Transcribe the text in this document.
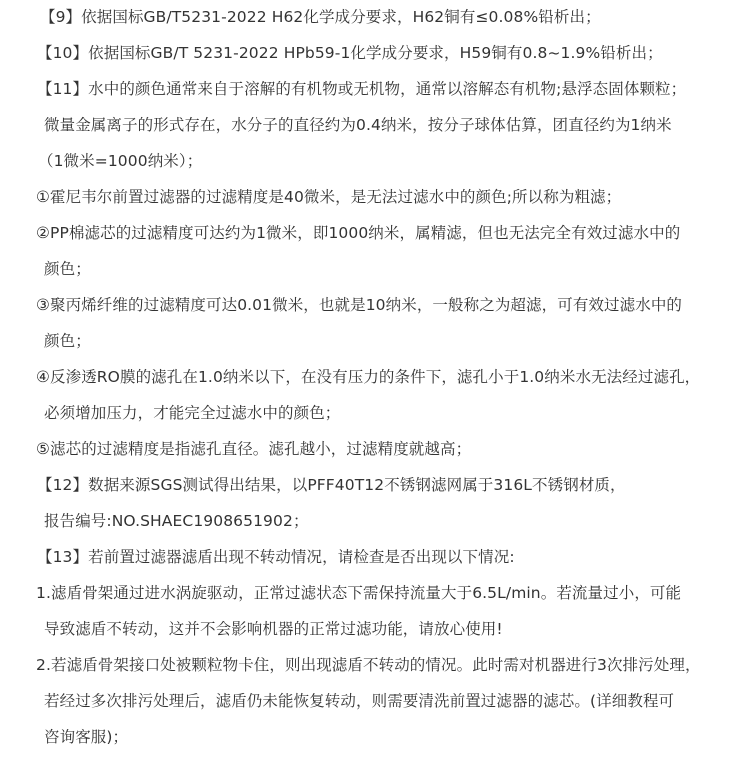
【9】依据国标GB/T5231-2022 H62化学成分要求，H62铜有≤0.08%铅析出；
【10】依据国标GB/T 5231-2022 HPb59-1化学成分要求，H59铜有0.8~1.9%铅析出；
【11】水中的颜色通常来自于溶解的有机物或无机物，通常以溶解态有机物;悬浮态固体颗粒；
微量金属离子的形式存在，水分子的直径约为0.4纳米，按分子球体估算，团直径约为1纳米
（1微米=1000纳米）；
①霍尼韦尔前置过滤器的过滤精度是40微米，是无法过滤水中的颜色;所以称为粗滤；
②PP棉滤芯的过滤精度可达约为1微米，即1000纳米，属精滤，但也无法完全有效过滤水中的
颜色；
③聚丙烯纤维的过滤精度可达0.01微米，也就是10纳米，一般称之为超滤，可有效过滤水中的
颜色；
④反渗透RO膜的滤孔在1.0纳米以下，在没有压力的条件下，滤孔小于1.0纳米水无法经过滤孔，
必须增加压力，才能完全过滤水中的颜色；
⑤滤芯的过滤精度是指滤孔直径。滤孔越小，过滤精度就越高；
【12】数据来源SGS测试得出结果，以PFF40T12不锈钢滤网属于316L不锈钢材质，
报告编号:NO.SHAEC1908651902；
【13】若前置过滤器滤盾出现不转动情况，请检查是否出现以下情况:
1.滤盾骨架通过进水涡旋驱动，正常过滤状态下需保持流量大于6.5L/min。若流量过小，可能
导致滤盾不转动，这并不会影响机器的正常过滤功能，请放心使用!
2.若滤盾骨架接口处被颗粒物卡住，则出现滤盾不转动的情况。此时需对机器进行3次排污处理，
若经过多次排污处理后，滤盾仍未能恢复转动，则需要清洗前置过滤器的滤芯。(详细教程可
咨询客服)；
